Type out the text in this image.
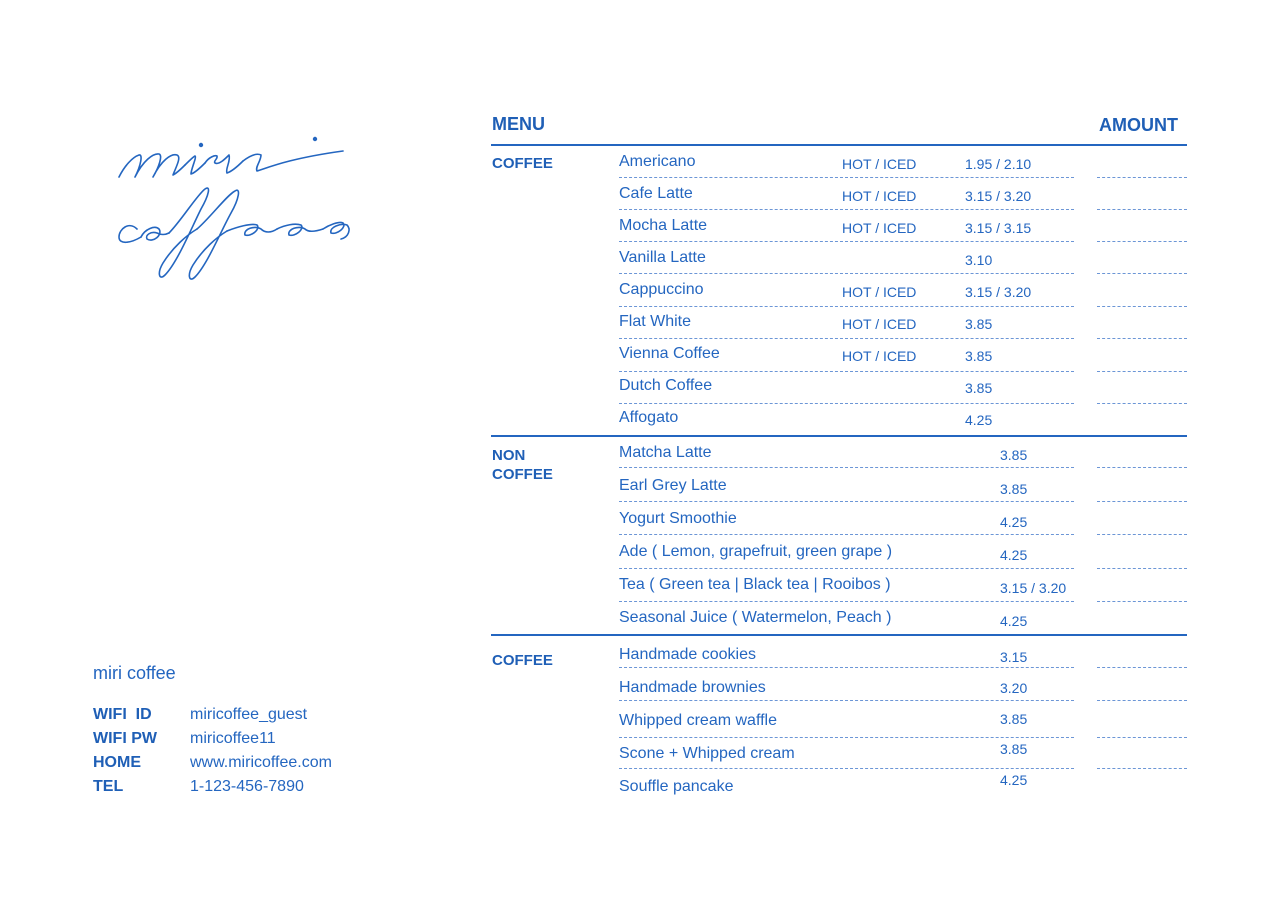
miri coffee
WIFI  ID	miricoffee_guest
WIFI PW	miricoffee11
HOME	www.miricoffee.com
TEL	1-123-456-7890
MENU	AMOUNT
COFFEE	Americano	HOT / ICED	1.95 / 2.10
Cafe Latte	HOT / ICED	3.15 / 3.20
Mocha Latte	HOT / ICED	3.15 / 3.15
Vanilla Latte	3.10
Cappuccino	HOT / ICED	3.15 / 3.20
Flat White	HOT / ICED	3.85
Vienna Coffee	HOT / ICED	3.85
Dutch Coffee	3.85
Affogato	4.25
NON
COFFEE
Matcha Latte	3.85
Earl Grey Latte	3.85
Yogurt Smoothie	4.25
Ade ( Lemon, grapefruit, green grape )	4.25
Tea ( Green tea | Black tea | Rooibos )	3.15 / 3.20
Seasonal Juice ( Watermelon, Peach )	4.25
COFFEE	Handmade cookies	3.15
Handmade brownies	3.20
Whipped cream waffle	3.85
Scone + Whipped cream	3.85
Souffle pancake	4.25
